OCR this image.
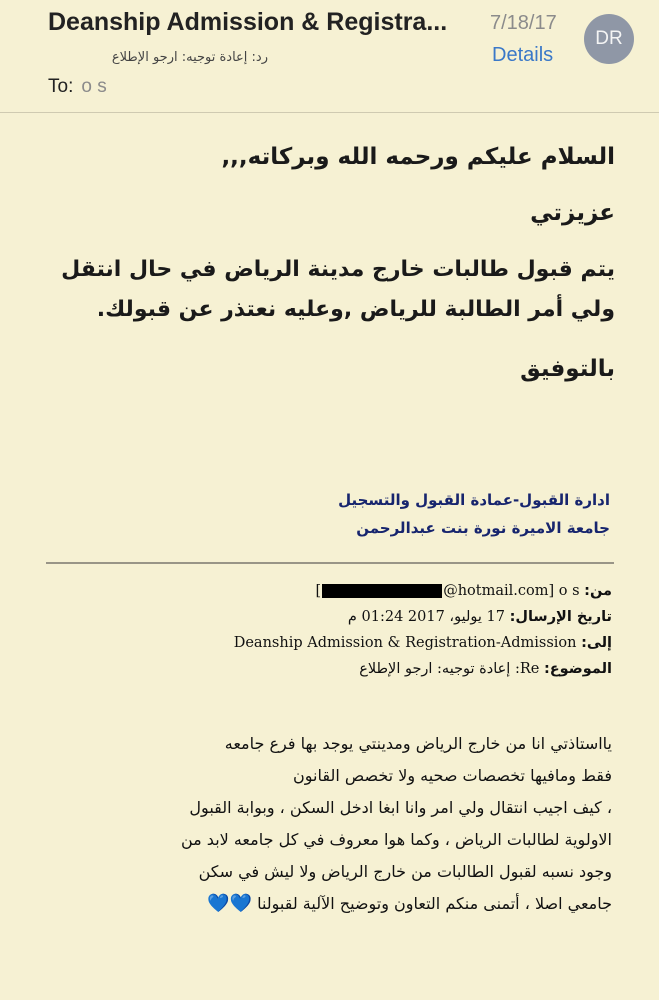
Deanship Admission & Registra...	7/18/17
Details
DR
رد: إعادة توجيه: ارجو الإطلاع
To: o s

السلام عليكم ورحمه الله وبركاته,,,

عزيزتي

يتم قبول طالبات خارج مدينة الرياض في حال انتقل ولي أمر الطالبة للرياض ,وعليه نعتذر عن قبولك.

بالتوفيق

ادارة القبول-عمادة القبول والتسجيل
جامعة الاميرة نورة بنت عبدالرحمن
من: o s [	@hotmail.com]
تاريخ الإرسال: 17 يوليو، 2017 01:24 م
إلى: Deanship Admission & Registration-Admission
الموضوع: Re: إعادة توجيه: ارجو الإطلاع

يااستاذتي انا من خارج الرياض ومدينتي يوجد بها فرع جامعه

فقط ومافيها تخصصات صحيه ولا تخصص القانون

، كيف اجيب انتقال ولي امر وانا ابغا ادخل السكن ، وبوابة القبول

الاولوية لطالبات الرياض ، وكما هوا معروف في كل جامعه لابد من

وجود نسبه لقبول الطالبات من خارج الرياض ولا ليش في سكن

جامعي اصلا ، أتمنى منكم التعاون وتوضيح الآلية لقبولنا 💙💙
